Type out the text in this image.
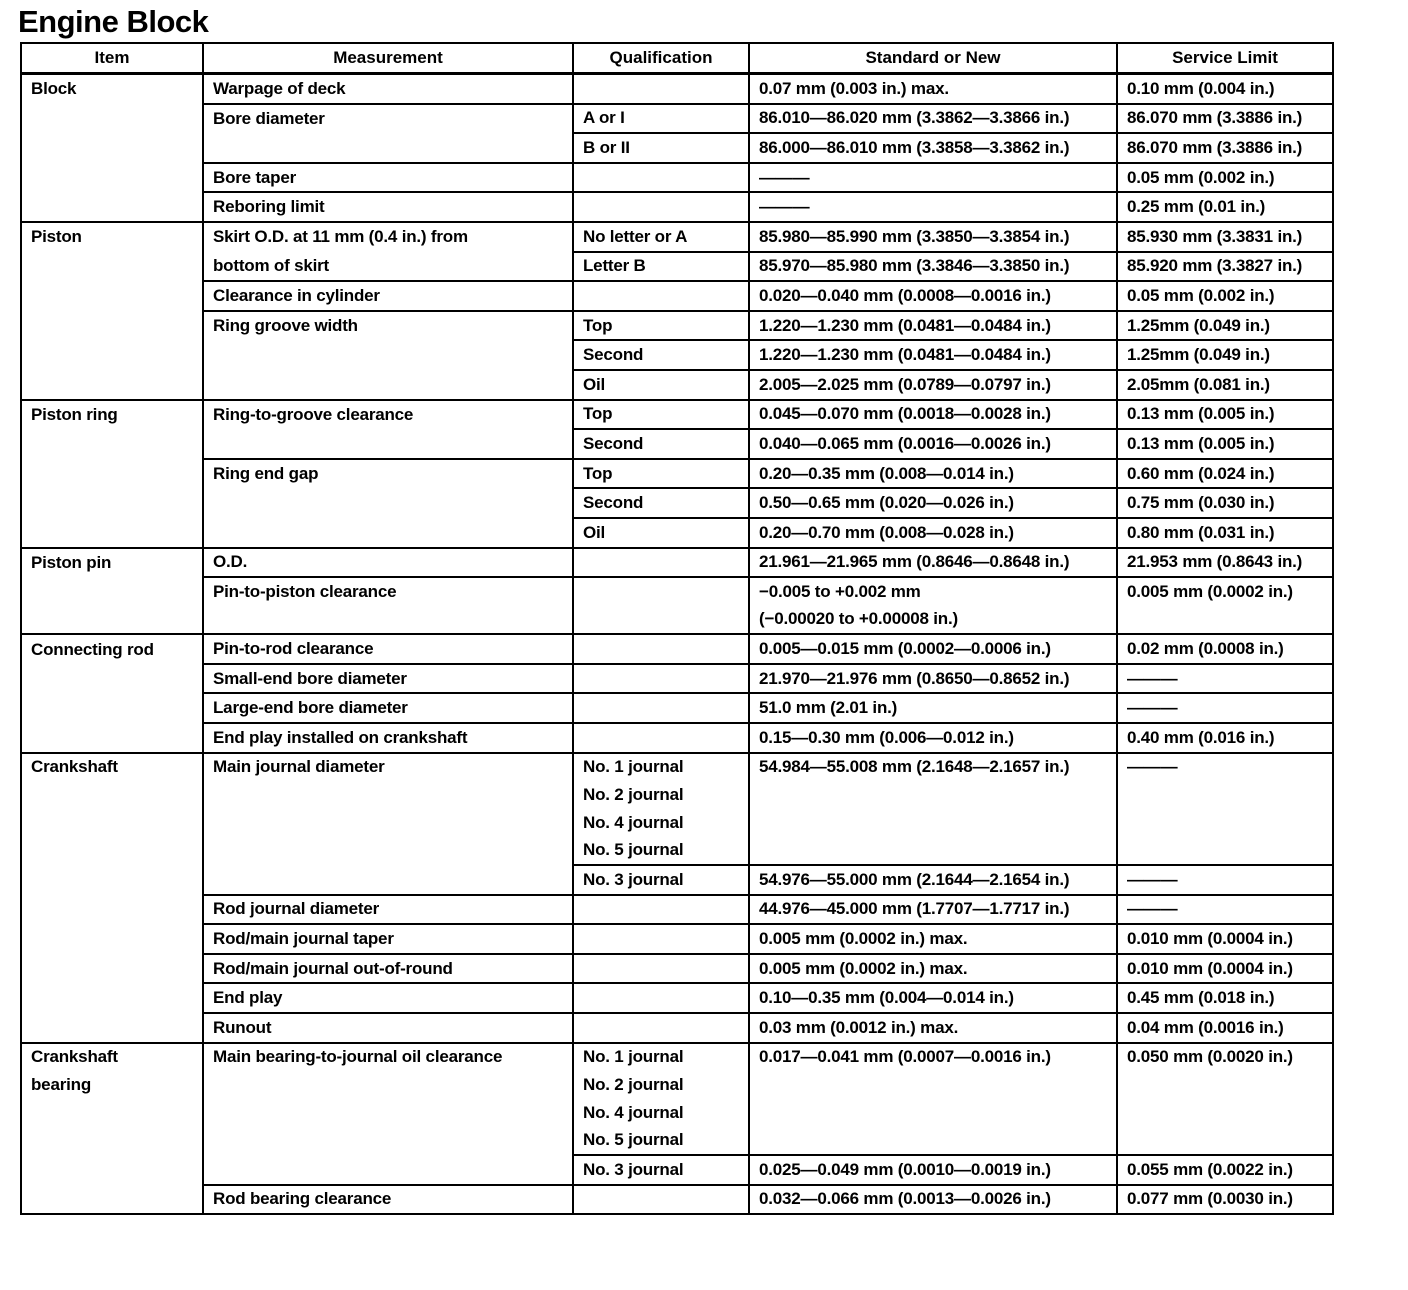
Engine Block
Item	Measurement	Qualification	Standard or New	Service Limit
Block	Warpage of deck		0.07 mm (0.003 in.) max.	0.10 mm (0.004 in.)
	Bore diameter	A or I	86.010—86.020 mm (3.3862—3.3866 in.)	86.070 mm (3.3886 in.)
		B or II	86.000—86.010 mm (3.3858—3.3862 in.)	86.070 mm (3.3886 in.)
	Bore taper		———	0.05 mm (0.002 in.)
	Reboring limit		———	0.25 mm (0.01 in.)
Piston	Skirt O.D. at 11 mm (0.4 in.) from	No letter or A	85.980—85.990 mm (3.3850—3.3854 in.)	85.930 mm (3.3831 in.)
	bottom of skirt	Letter B	85.970—85.980 mm (3.3846—3.3850 in.)	85.920 mm (3.3827 in.)
	Clearance in cylinder		0.020—0.040 mm (0.0008—0.0016 in.)	0.05 mm (0.002 in.)
	Ring groove width	Top	1.220—1.230 mm (0.0481—0.0484 in.)	1.25mm (0.049 in.)
		Second	1.220—1.230 mm (0.0481—0.0484 in.)	1.25mm (0.049 in.)
		Oil	2.005—2.025 mm (0.0789—0.0797 in.)	2.05mm (0.081 in.)
Piston ring	Ring-to-groove clearance	Top	0.045—0.070 mm (0.0018—0.0028 in.)	0.13 mm (0.005 in.)
		Second	0.040—0.065 mm (0.0016—0.0026 in.)	0.13 mm (0.005 in.)
	Ring end gap	Top	0.20—0.35 mm (0.008—0.014 in.)	0.60 mm (0.024 in.)
		Second	0.50—0.65 mm (0.020—0.026 in.)	0.75 mm (0.030 in.)
		Oil	0.20—0.70 mm (0.008—0.028 in.)	0.80 mm (0.031 in.)
Piston pin	O.D.		21.961—21.965 mm (0.8646—0.8648 in.)	21.953 mm (0.8643 in.)
	Pin-to-piston clearance		−0.005 to +0.002 mm	0.005 mm (0.0002 in.)
			(−0.00020 to +0.00008 in.)	
Connecting rod	Pin-to-rod clearance		0.005—0.015 mm (0.0002—0.0006 in.)	0.02 mm (0.0008 in.)
	Small-end bore diameter		21.970—21.976 mm (0.8650—0.8652 in.)	———
	Large-end bore diameter		51.0 mm (2.01 in.)	———
	End play installed on crankshaft		0.15—0.30 mm (0.006—0.012 in.)	0.40 mm (0.016 in.)
Crankshaft	Main journal diameter	No. 1 journal	54.984—55.008 mm (2.1648—2.1657 in.)	———
		No. 2 journal		
		No. 4 journal		
		No. 5 journal		
		No. 3 journal	54.976—55.000 mm (2.1644—2.1654 in.)	———
	Rod journal diameter		44.976—45.000 mm (1.7707—1.7717 in.)	———
	Rod/main journal taper		0.005 mm (0.0002 in.) max.	0.010 mm (0.0004 in.)
	Rod/main journal out-of-round		0.005 mm (0.0002 in.) max.	0.010 mm (0.0004 in.)
	End play		0.10—0.35 mm (0.004—0.014 in.)	0.45 mm (0.018 in.)
	Runout		0.03 mm (0.0012 in.) max.	0.04 mm (0.0016 in.)
Crankshaft	Main bearing-to-journal oil clearance	No. 1 journal	0.017—0.041 mm (0.0007—0.0016 in.)	0.050 mm (0.0020 in.)
bearing		No. 2 journal		
		No. 4 journal		
		No. 5 journal		
		No. 3 journal	0.025—0.049 mm (0.0010—0.0019 in.)	0.055 mm (0.0022 in.)
	Rod bearing clearance		0.032—0.066 mm (0.0013—0.0026 in.)	0.077 mm (0.0030 in.)
